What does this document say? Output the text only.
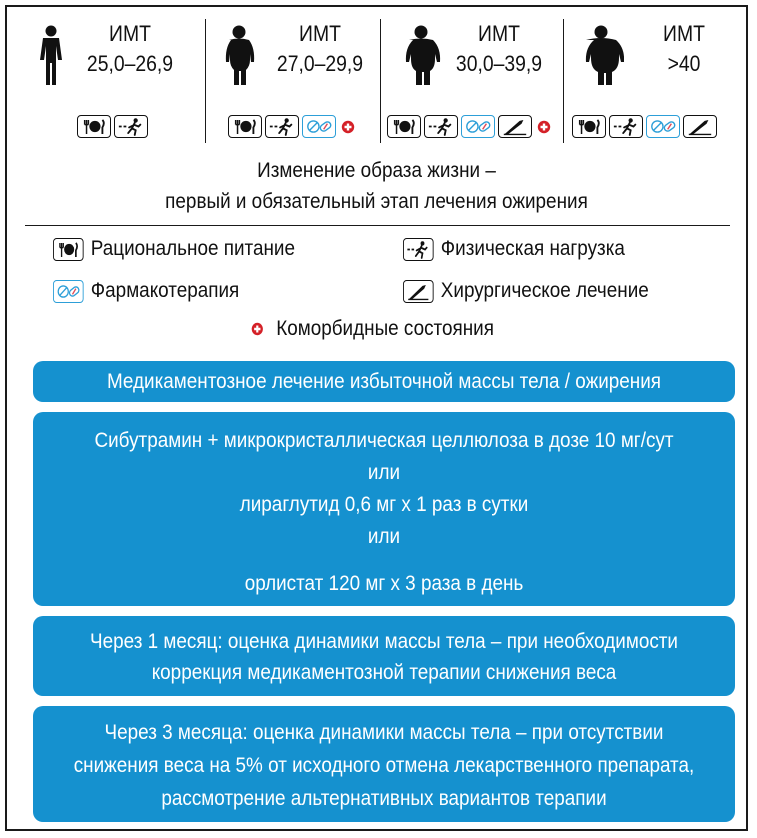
ИМТ
25,0–26,9
ИМТ
27,0–29,9
ИМТ
30,0–39,9
ИМТ
>40
Изменение образа жизни –
первый и обязательный этап лечения ожирения
Рациональное питание	Физическая нагрузка
Фармакотерапия	Хирургическое лечение
Коморбидные состояния
Медикаментозное лечение избыточной массы тела / ожирения
Сибутрамин + микрокристаллическая целлюлоза в дозе 10 мг/сут
или
лираглутид 0,6 мг x 1 раз в сутки
или
орлистат 120 мг x 3 раза в день
Через 1 месяц: оценка динамики массы тела – при необходимости
коррекция медикаментозной терапии снижения веса
Через 3 месяца: оценка динамики массы тела – при отсутствии
снижения веса на 5% от исходного отмена лекарственного препарата,
рассмотрение альтернативных вариантов терапии
